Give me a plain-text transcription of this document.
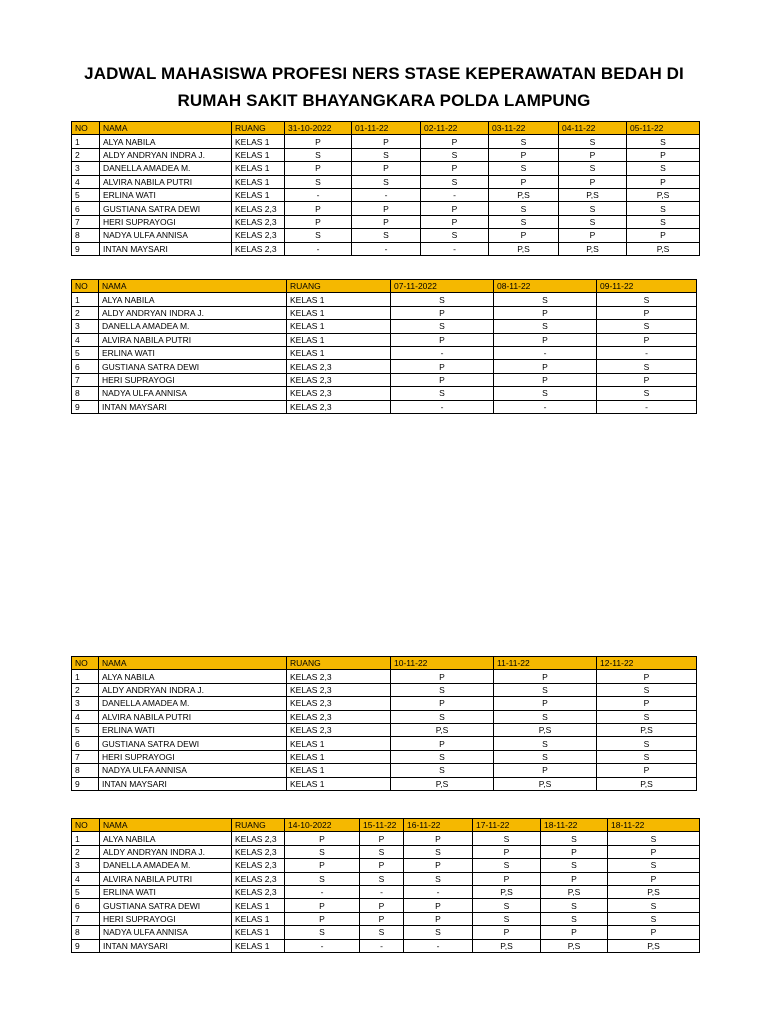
JADWAL MAHASISWA PROFESI NERS STASE KEPERAWATAN BEDAH DI
RUMAH SAKIT BHAYANGKARA POLDA LAMPUNG
NO	NAMA	RUANG	31-10-2022	01-11-22	02-11-22	03-11-22	04-11-22	05-11-22
1	ALYA NABILA	KELAS 1	P	P	P	S	S	S
2	ALDY ANDRYAN INDRA J.	KELAS 1	S	S	S	P	P	P
3	DANELLA AMADEA M.	KELAS 1	P	P	P	S	S	S
4	ALVIRA NABILA PUTRI	KELAS 1	S	S	S	P	P	P
5	ERLINA WATI	KELAS 1	-	-	-	P,S	P,S	P,S
6	GUSTIANA SATRA DEWI	KELAS 2,3	P	P	P	S	S	S
7	HERI SUPRAYOGI	KELAS 2,3	P	P	P	S	S	S
8	NADYA ULFA ANNISA	KELAS 2,3	S	S	S	P	P	P
9	INTAN MAYSARI	KELAS 2,3	-	-	-	P,S	P,S	P,S
NO	NAMA	RUANG	07-11-2022	08-11-22	09-11-22
1	ALYA NABILA	KELAS 1	S	S	S
2	ALDY ANDRYAN INDRA J.	KELAS 1	P	P	P
3	DANELLA AMADEA M.	KELAS 1	S	S	S
4	ALVIRA NABILA PUTRI	KELAS 1	P	P	P
5	ERLINA WATI	KELAS 1	-	-	-
6	GUSTIANA SATRA DEWI	KELAS 2,3	P	P	S
7	HERI SUPRAYOGI	KELAS 2,3	P	P	P
8	NADYA ULFA ANNISA	KELAS 2,3	S	S	S
9	INTAN MAYSARI	KELAS 2,3	-	-	-
NO	NAMA	RUANG	10-11-22	11-11-22	12-11-22
1	ALYA NABILA	KELAS 2,3	P	P	P
2	ALDY ANDRYAN INDRA J.	KELAS 2,3	S	S	S
3	DANELLA AMADEA M.	KELAS 2,3	P	P	P
4	ALVIRA NABILA PUTRI	KELAS 2,3	S	S	S
5	ERLINA WATI	KELAS 2,3	P,S	P,S	P,S
6	GUSTIANA SATRA DEWI	KELAS 1	P	S	S
7	HERI SUPRAYOGI	KELAS 1	S	S	S
8	NADYA ULFA ANNISA	KELAS 1	S	P	P
9	INTAN MAYSARI	KELAS 1	P,S	P,S	P,S
NO	NAMA	RUANG	14-10-2022	15-11-22	16-11-22	17-11-22	18-11-22	18-11-22
1	ALYA NABILA	KELAS 2,3	P	P	P	S	S	S
2	ALDY ANDRYAN INDRA J.	KELAS 2,3	S	S	S	P	P	P
3	DANELLA AMADEA M.	KELAS 2,3	P	P	P	S	S	S
4	ALVIRA NABILA PUTRI	KELAS 2,3	S	S	S	P	P	P
5	ERLINA WATI	KELAS 2,3	-	-	-	P,S	P,S	P,S
6	GUSTIANA SATRA DEWI	KELAS 1	P	P	P	S	S	S
7	HERI SUPRAYOGI	KELAS 1	P	P	P	S	S	S
8	NADYA ULFA ANNISA	KELAS 1	S	S	S	P	P	P
9	INTAN MAYSARI	KELAS 1	-	-	-	P,S	P,S	P,S
